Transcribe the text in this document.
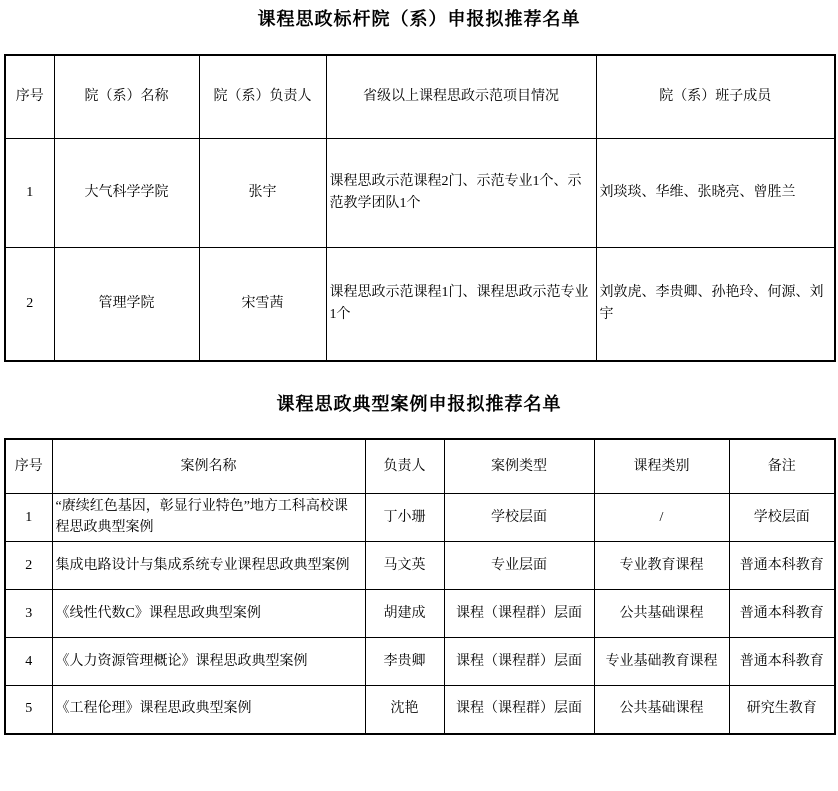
课程思政标杆院（系）申报拟推荐名单
序号	院（系）名称	院（系）负责人	省级以上课程思政示范项目情况	院（系）班子成员
1	大气科学学院	张宇	课程思政示范课程2门、示范专业1个、示范教学团队1个	刘琰琰、华维、张晓亮、曾胜兰
2	管理学院	宋雪茜	课程思政示范课程1门、课程思政示范专业1个	刘敦虎、李贵卿、孙艳玲、何源、刘宇
课程思政典型案例申报拟推荐名单
序号	案例名称	负责人	案例类型	课程类别	备注
1	“赓续红色基因，彰显行业特色”地方工科高校课程思政典型案例	丁小珊	学校层面	/	学校层面
2	集成电路设计与集成系统专业课程思政典型案例	马文英	专业层面	专业教育课程	普通本科教育
3	《线性代数C》课程思政典型案例	胡建成	课程（课程群）层面	公共基础课程	普通本科教育
4	《人力资源管理概论》课程思政典型案例	李贵卿	课程（课程群）层面	专业基础教育课程	普通本科教育
5	《工程伦理》课程思政典型案例	沈艳	课程（课程群）层面	公共基础课程	研究生教育
